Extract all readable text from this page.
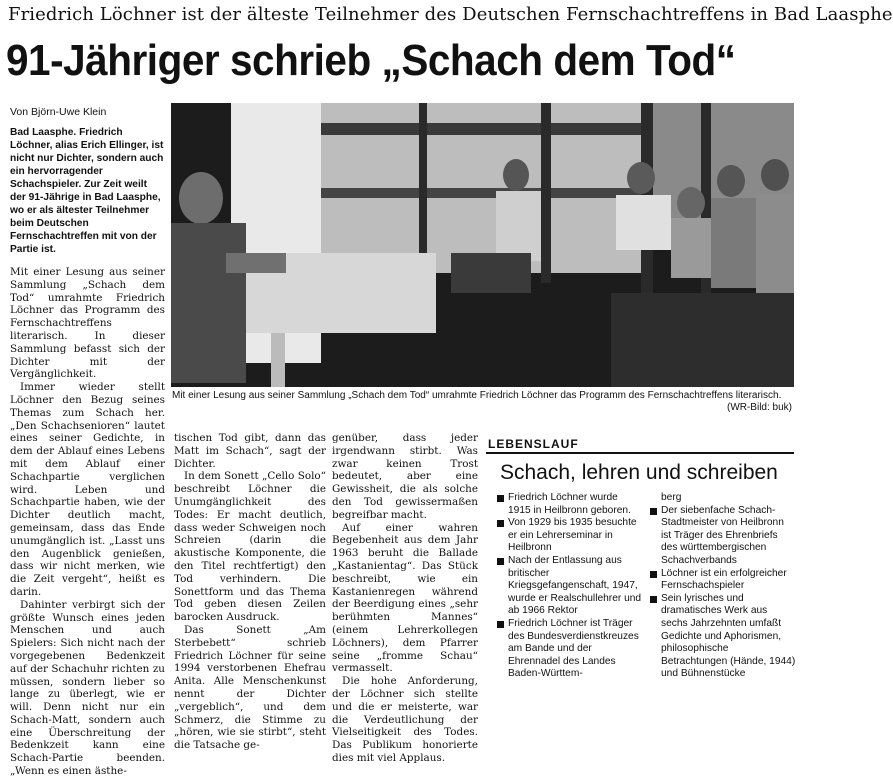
Friedrich Löchner ist der älteste Teilnehmer des Deutschen Fernschachtreffens in Bad Laasphe
91-Jähriger schrieb „Schach dem Tod“
Von Björn-Uwe Klein
Bad Laasphe. Friedrich Löchner, alias Erich Ellinger, ist nicht nur Dichter, sondern auch ein hervorragender Schachspieler. Zur Zeit weilt der 91-Jährige in Bad Laasphe, wo er als ältester Teilnehmer beim Deutschen Fernschachtreffen mit von der Partie ist.

Mit einer Lesung aus seiner Sammlung „Schach dem Tod“ umrahmte Friedrich Löchner das Programm des Fernschachtreffens literarisch. In dieser Sammlung befasst sich der Dichter mit der Vergänglichkeit.

Immer wieder stellt Löchner den Bezug seines Themas zum Schach her. „Den Schachsenioren“ lautet eines seiner Gedichte, in dem der Ablauf eines Lebens mit dem Ablauf einer Schachpartie verglichen wird. Leben und Schachpartie haben, wie der Dichter deutlich macht, gemeinsam, dass das Ende unumgänglich ist. „Lasst uns den Augenblick genießen, dass wir nicht merken, wie die Zeit vergeht“, heißt es darin.

Dahinter verbirgt sich der größte Wunsch eines jeden Menschen und auch Spielers: Sich nicht nach der vorgegebenen Bedenkzeit auf der Schachuhr richten zu müssen, sondern lieber so lange zu überlegt, wie er will. Denn nicht nur ein Schach-Matt, sondern auch eine Überschreitung der Bedenkzeit kann eine Schach-Partie beenden. „Wenn es einen ästhe-

Mit einer Lesung aus seiner Sammlung „Schach dem Tod“ umrahmte Friedrich Löchner das Programm des Fernschachtreffens literarisch.
(WR-Bild: buk)

tischen Tod gibt, dann das Matt im Schach“, sagt der Dichter.

In dem Sonett „Cello Solo“ beschreibt Löchner die Unumgänglichkeit des Todes: Er macht deutlich, dass weder Schweigen noch Schreien (darin die akustische Komponente, die den Titel rechtfertigt) den Tod verhindern. Die Sonettform und das Thema Tod geben diesen Zeilen barocken Ausdruck.

Das Sonett „Am Sterbebett“ schrieb Friedrich Löchner für seine 1994 verstorbenen Ehefrau Anita. Alle Menschenkunst nennt der Dichter „vergeblich“, und dem Schmerz, die Stimme zu „hören, wie sie stirbt“, steht die Tatsache ge-

genüber, dass jeder irgendwann stirbt. Was zwar keinen Trost bedeutet, aber eine Gewissheit, die als solche den Tod gewissermaßen begreifbar macht.

Auf einer wahren Begebenheit aus dem Jahr 1963 beruht die Ballade „Kastanientag“. Das Stück beschreibt, wie ein Kastanienregen während der Beerdigung eines „sehr berühmten Mannes“ (einem Lehrerkollegen Löchners), dem Pfarrer seine „fromme Schau“ vermasselt.

Die hohe Anforderung, der Löchner sich stellte und die er meisterte, war die Verdeutlichung der Vielseitigkeit des Todes. Das Publikum honorierte dies mit viel Applaus.

LEBENSLAUF
Schach, lehren und schreiben
Friedrich Löchner wurde 1915 in Heilbronn geboren.
Von 1929 bis 1935 besuchte er ein Lehrerseminar in Heilbronn
Nach der Entlassung aus britischer Kriegsgefangenschaft, 1947, wurde er Realschullehrer und ab 1966 Rektor
Friedrich Löchner ist Träger des Bundesverdienstkreuzes am Bande und der Ehrennadel des Landes Baden-Württem-
berg
Der siebenfache Schach-Stadtmeister von Heilbronn ist Träger des Ehrenbriefs des württembergischen Schachverbands
Löchner ist ein erfolgreicher Fernschachspieler
Sein lyrisches und dramatisches Werk aus sechs Jahrzehnten umfaßt Gedichte und Aphorismen, philosophische Betrachtungen (Hände, 1944) und Bühnenstücke
